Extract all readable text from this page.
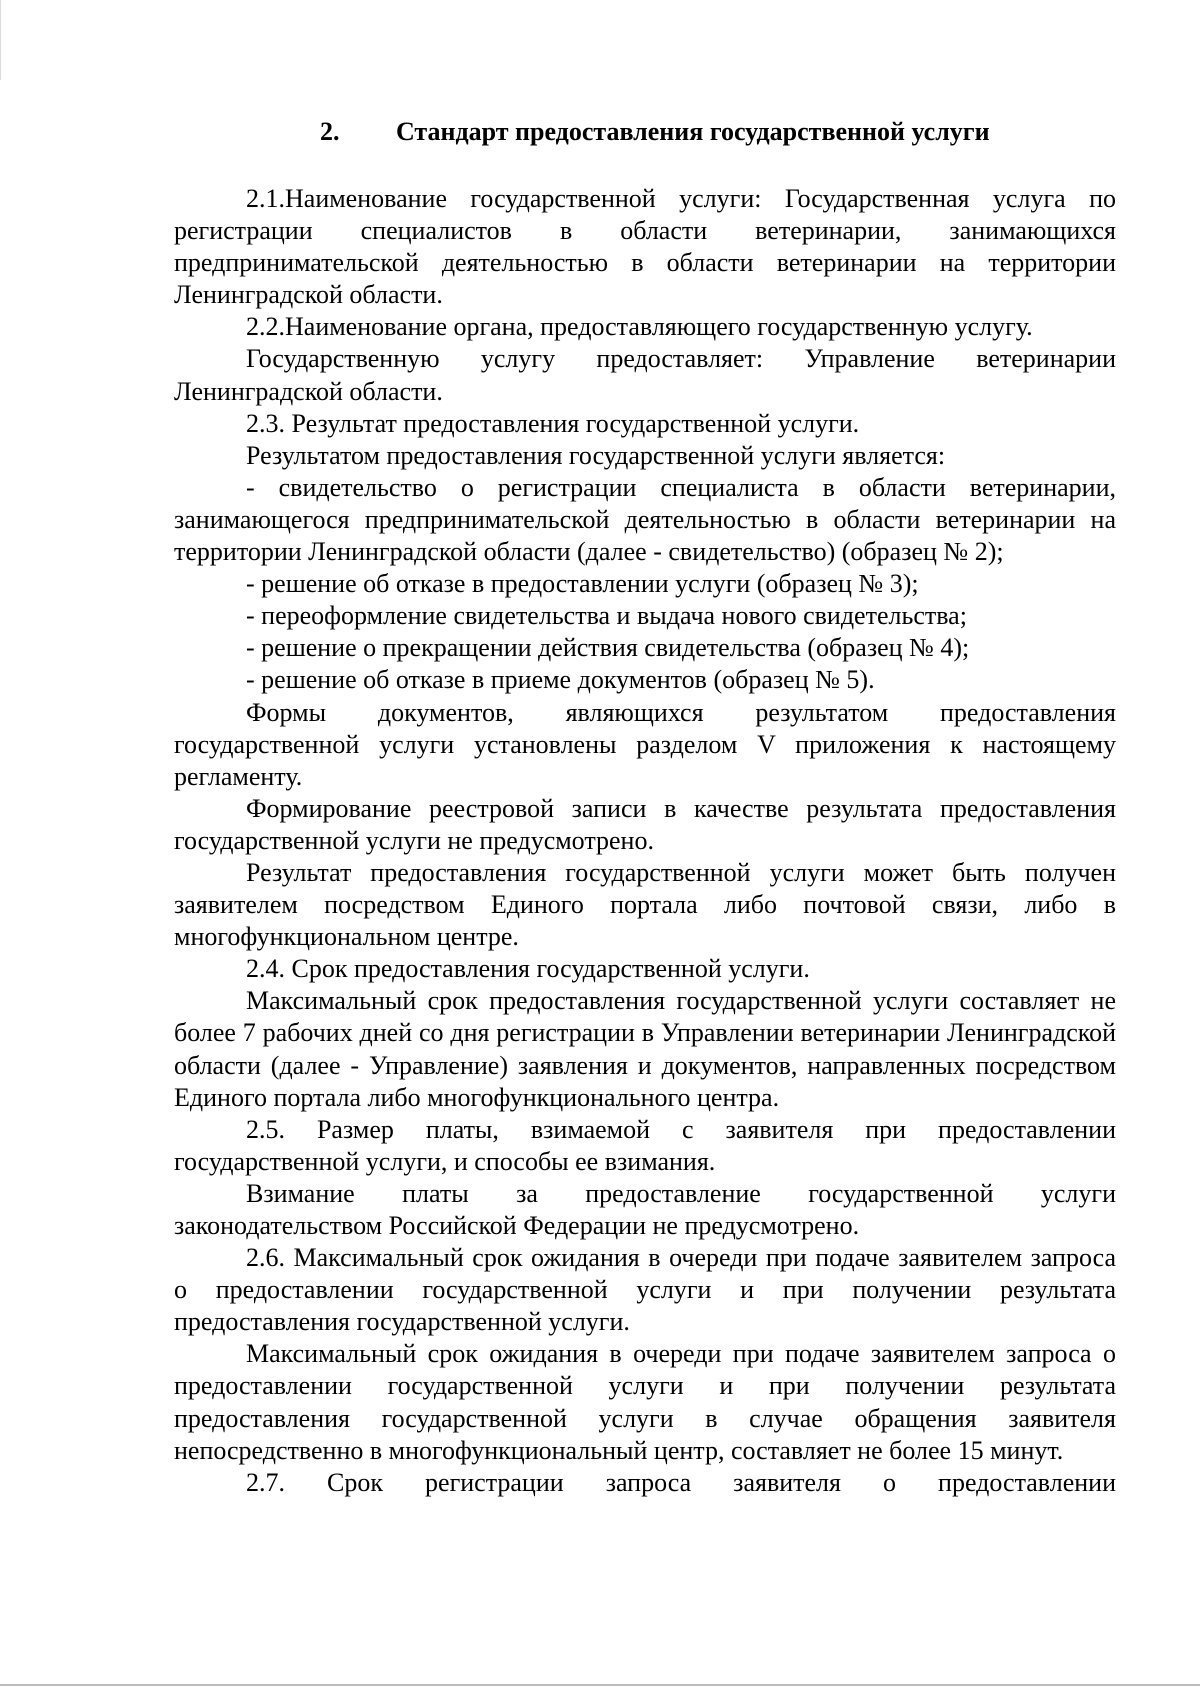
2. Стандарт предоставления государственной услуги

2.1.Наименование государственной услуги: Государственная услуга по регистрации специалистов в области ветеринарии, занимающихся предпринимательской деятельностью в области ветеринарии на территории Ленинградской области.

2.2.Наименование органа, предоставляющего государственную услугу.

Государственную услугу предоставляет: Управление ветеринарии Ленинградской области.

2.3. Результат предоставления государственной услуги.

Результатом предоставления государственной услуги является:

- свидетельство о регистрации специалиста в области ветеринарии, занимающегося предпринимательской деятельностью в области ветеринарии на территории Ленинградской области (далее - свидетельство) (образец № 2);

- решение об отказе в предоставлении услуги (образец № 3);

- переоформление свидетельства и выдача нового свидетельства;

- решение о прекращении действия свидетельства (образец № 4);

- решение об отказе в приеме документов (образец № 5).

Формы документов, являющихся результатом предоставления государственной услуги установлены разделом V приложения к настоящему регламенту.

Формирование реестровой записи в качестве результата предоставления государственной услуги не предусмотрено.

Результат предоставления государственной услуги может быть получен заявителем посредством Единого портала либо почтовой связи, либо в многофункциональном центре.

2.4. Срок предоставления государственной услуги.

Максимальный срок предоставления государственной услуги составляет не более 7 рабочих дней со дня регистрации в Управлении ветеринарии Ленинградской области (далее - Управление) заявления и документов, направленных посредством Единого портала либо многофункционального центра.

2.5. Размер платы, взимаемой с заявителя при предоставлении государственной услуги, и способы ее взимания.

Взимание платы за предоставление государственной услуги законодательством Российской Федерации не предусмотрено.

2.6. Максимальный срок ожидания в очереди при подаче заявителем запроса о предоставлении государственной услуги и при получении результата предоставления государственной услуги.

Максимальный срок ожидания в очереди при подаче заявителем запроса о предоставлении государственной услуги и при получении результата предоставления государственной услуги в случае обращения заявителя непосредственно в многофункциональный центр, составляет не более 15 минут.

2.7. Срок регистрации запроса заявителя о предоставлении
